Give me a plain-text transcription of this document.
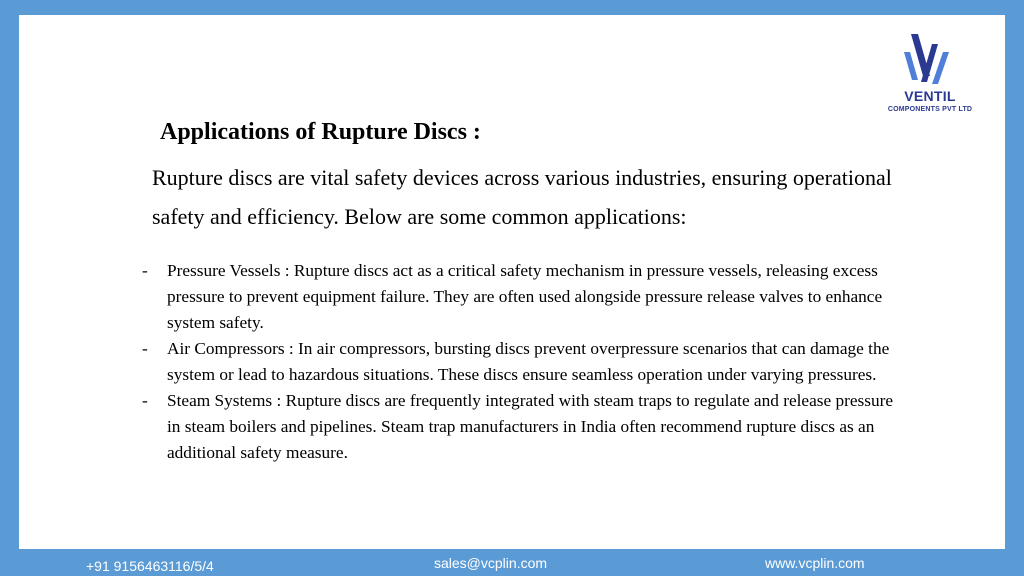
VENTIL
COMPONENTS PVT LTD
Applications of Rupture Discs :
Rupture discs are vital safety devices across various industries, ensuring operational safety and efficiency. Below are some common applications:
- Pressure Vessels : Rupture discs act as a critical safety mechanism in pressure vessels, releasing excess pressure to prevent equipment failure. They are often used alongside pressure release valves to enhance system safety.
- Air Compressors : In air compressors, bursting discs prevent overpressure scenarios that can damage the system or lead to hazardous situations. These discs ensure seamless operation under varying pressures.
- Steam Systems : Rupture discs are frequently integrated with steam traps to regulate and release pressure in steam boilers and pipelines. Steam trap manufacturers in India often recommend rupture discs as an additional safety measure.
+91 9156463116/5/4	sales@vcplin.com	www.vcplin.com
